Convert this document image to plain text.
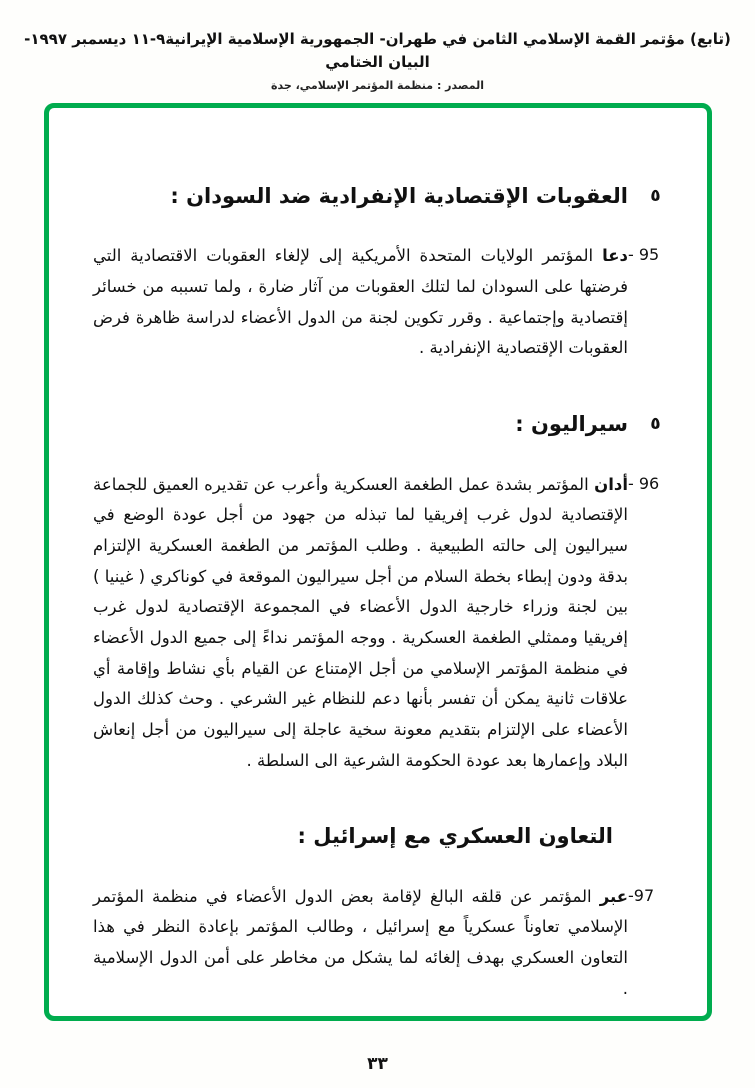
(تابع) مؤتمر القمة الإسلامي الثامن في طهران- الجمهورية الإسلامية الإيرانية٩-١١ ديسمبر ١٩٩٧- البيان الختامي
المصدر : منظمة المؤتمر الإسلامي، جدة
٥
العقوبات الإقتصادية الإنفرادية ضد السودان :
- 95
دعا المؤتمر الولايات المتحدة الأمريكية إلى لإلغاء العقوبات الاقتصادية التي فرضتها على السودان لما لتلك العقوبات من آثار ضارة ، ولما تسببه من خسائر إقتصادية وإجتماعية . وقرر تكوين لجنة من الدول الأعضاء لدراسة ظاهرة فرض العقوبات الإقتصادية الإنفرادية .
٥
سيراليون :
- 96
أدان المؤتمر بشدة عمل الطغمة العسكرية وأعرب عن تقديره العميق للجماعة الإقتصادية لدول غرب إفريقيا لما تبذله من جهود من أجل عودة الوضع في سيراليون إلى حالته الطبيعية . وطلب المؤتمر من الطغمة العسكرية الإلتزام بدقة ودون إبطاء بخطة السلام من أجل سيراليون الموقعة في كوناكري ( غينيا ) بين لجنة وزراء خارجية الدول الأعضاء في المجموعة الإقتصادية لدول غرب إفريقيا وممثلي الطغمة العسكرية . ووجه المؤتمر نداءً إلى جميع الدول الأعضاء في منظمة المؤتمر الإسلامي من أجل الإمتناع عن القيام بأي نشاط وإقامة أي علاقات ثانية يمكن أن تفسر بأنها دعم للنظام غير الشرعي . وحث كذلك الدول الأعضاء على الإلتزام بتقديم معونة سخية عاجلة إلى سيراليون من أجل إنعاش البلاد وإعمارها بعد عودة الحكومة الشرعية الى السلطة .
التعاون العسكري مع إسرائيل :
-97
عبر المؤتمر عن قلقه البالغ لإقامة بعض الدول الأعضاء في منظمة المؤتمر الإسلامي تعاوناً عسكرياً مع إسرائيل ، وطالب المؤتمر بإعادة النظر في هذا التعاون العسكري بهدف إلغائه لما يشكل من مخاطر على أمن الدول الإسلامية .
٣٣
